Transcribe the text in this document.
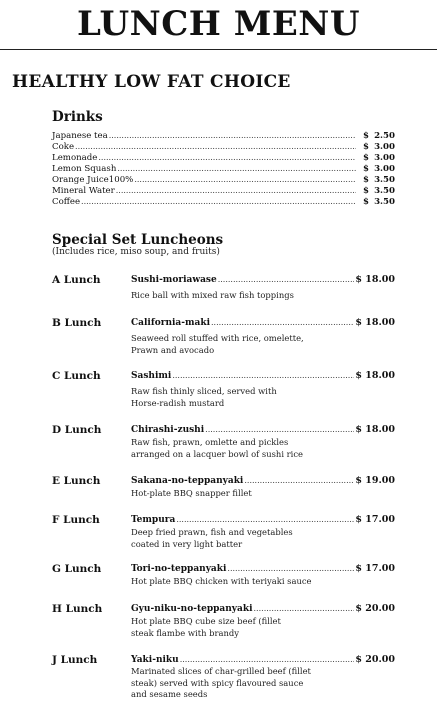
LUNCH MENU
HEALTHY LOW FAT CHOICE
Drinks
Japanese tea .....	$ 2.50
Coke .....	$ 3.00
Lemonade .....	$ 3.00
Lemon Squash .....	$ 3.00
Orange Juice100% .....	$ 3.50
Mineral Water .....	$ 3.50
Coffee .....	$ 3.50
Special Set Luncheons
(Includes rice, miso soup, and fruits)
A Lunch	Sushi-moriawase .....	$ 18.00
Rice ball with mixed raw fish toppings
B Lunch	California-maki .....	$ 18.00
Seaweed roll stuffed with rice, omelette,
Prawn and avocado
C Lunch	Sashimi .....	$ 18.00
Raw fish thinly sliced, served with
Horse-radish mustard
D Lunch	Chirashi-zushi .....	$ 18.00
Raw fish, prawn, omlette and pickles
arranged on a lacquer bowl of sushi rice
E Lunch	Sakana-no-teppanyaki .....	$ 19.00
Hot-plate BBQ snapper fillet
F Lunch	Tempura .....	$ 17.00
Deep fried prawn, fish and vegetables
coated in very light batter
G Lunch	Tori-no-teppanyaki .....	$ 17.00
Hot plate BBQ chicken with teriyaki sauce
H Lunch	Gyu-niku-no-teppanyaki .....	$ 20.00
Hot plate BBQ cube size beef (fillet
steak flambe with brandy
J Lunch	Yaki-niku .....	$ 20.00
Marinated slices of char-grilled beef (fillet
steak) served with spicy flavoured sauce
and sesame seeds
